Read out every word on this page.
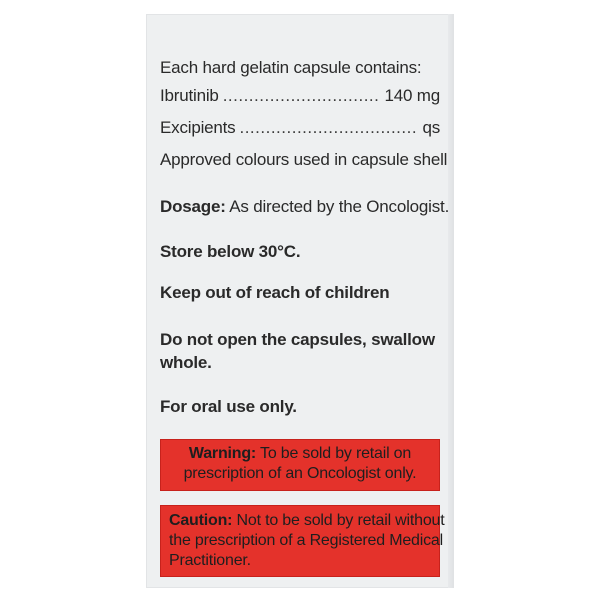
Each hard gelatin capsule contains:
Ibrutinib .....	140 mg
Excipients .....	qs
Approved colours used in capsule shell
Dosage: As directed by the Oncologist.
Store below 30°C.
Keep out of reach of children
Do not open the capsules, swallow
whole.
For oral use only.
Warning: To be sold by retail on
prescription of an Oncologist only.
Caution: Not to be sold by retail without
the prescription of a Registered Medical
Practitioner.
